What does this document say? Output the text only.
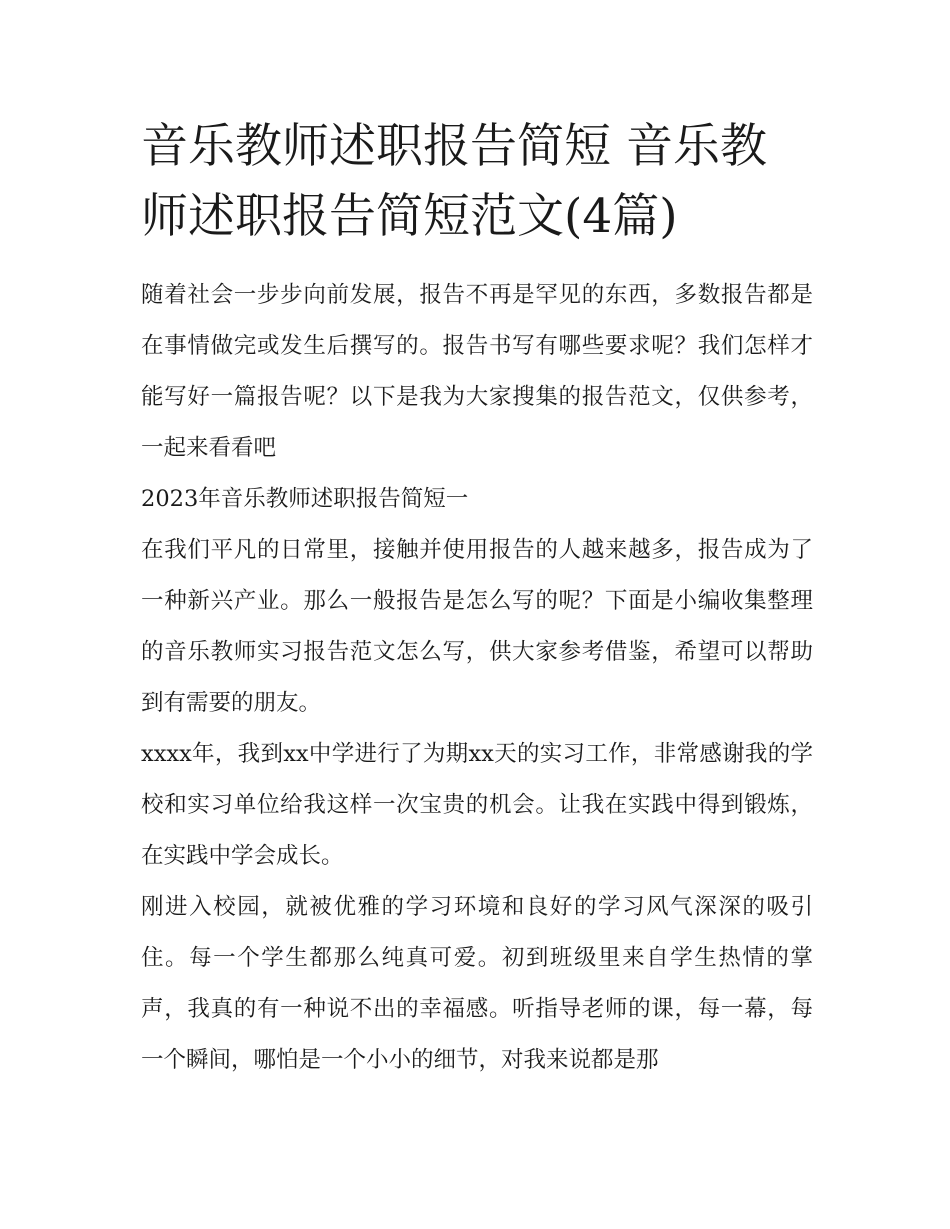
音乐教师述职报告简短 音乐教师述职报告简短范文(4篇)

随着社会一步步向前发展，报告不再是罕见的东西，多数报告都是在事情做完或发生后撰写的。报告书写有哪些要求呢？我们怎样才能写好一篇报告呢？以下是我为大家搜集的报告范文，仅供参考，一起来看看吧

2023年音乐教师述职报告简短一

在我们平凡的日常里，接触并使用报告的人越来越多，报告成为了一种新兴产业。那么一般报告是怎么写的呢？下面是小编收集整理的音乐教师实习报告范文怎么写，供大家参考借鉴，希望可以帮助到有需要的朋友。

xxxx年，我到xx中学进行了为期xx天的实习工作，非常感谢我的学校和实习单位给我这样一次宝贵的机会。让我在实践中得到锻炼，在实践中学会成长。

刚进入校园，就被优雅的学习环境和良好的学习风气深深的吸引住。每一个学生都那么纯真可爱。初到班级里来自学生热情的掌声，我真的有一种说不出的幸福感。听指导老师的课，每一幕，每一个瞬间，哪怕是一个小小的细节，对我来说都是那
